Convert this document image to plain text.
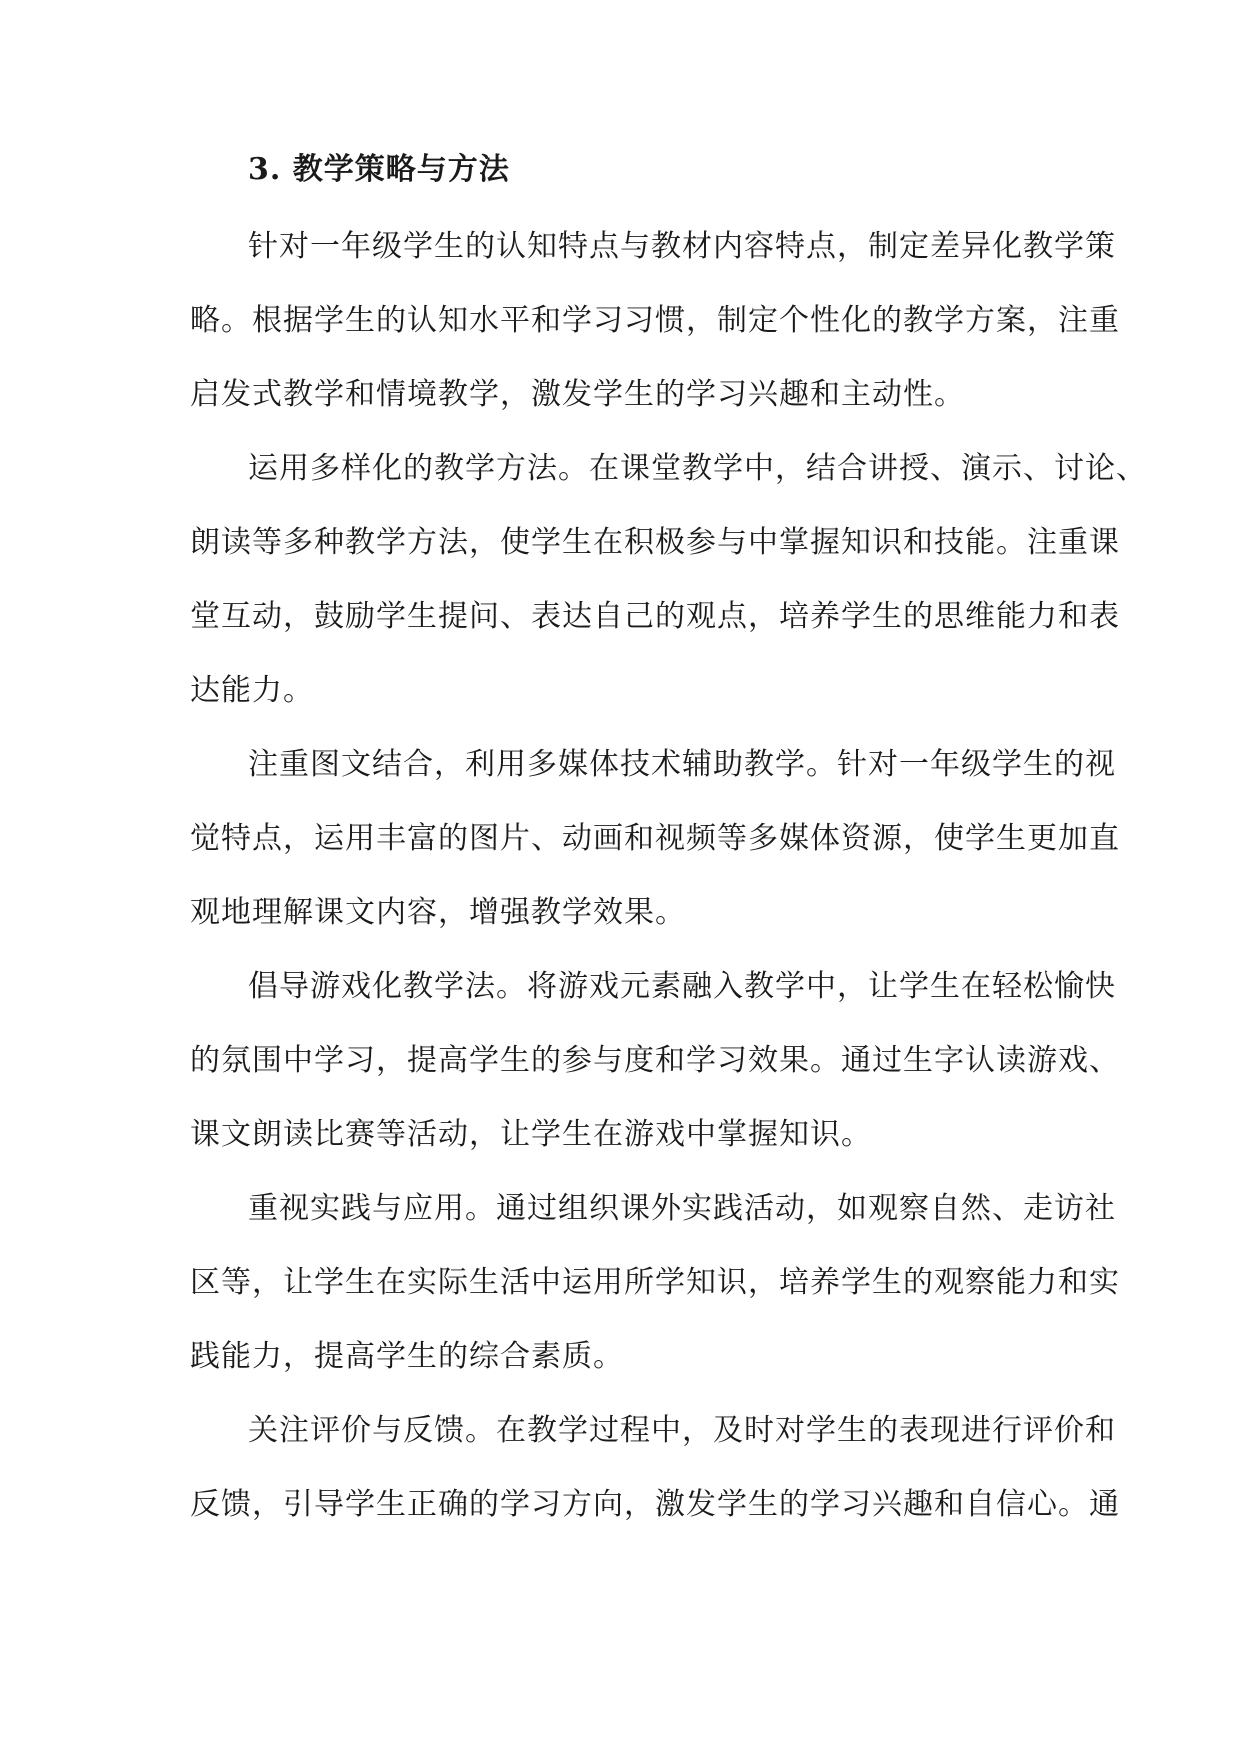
3. 教学策略与方法
针对一年级学生的认知特点与教材内容特点，制定差异化教学策
略。根据学生的认知水平和学习习惯，制定个性化的教学方案，注重
启发式教学和情境教学，激发学生的学习兴趣和主动性。
运用多样化的教学方法。在课堂教学中，结合讲授、演示、讨论、
朗读等多种教学方法，使学生在积极参与中掌握知识和技能。注重课
堂互动，鼓励学生提问、表达自己的观点，培养学生的思维能力和表
达能力。
注重图文结合，利用多媒体技术辅助教学。针对一年级学生的视
觉特点，运用丰富的图片、动画和视频等多媒体资源，使学生更加直
观地理解课文内容，增强教学效果。
倡导游戏化教学法。将游戏元素融入教学中，让学生在轻松愉快
的氛围中学习，提高学生的参与度和学习效果。通过生字认读游戏、
课文朗读比赛等活动，让学生在游戏中掌握知识。
重视实践与应用。通过组织课外实践活动，如观察自然、走访社
区等，让学生在实际生活中运用所学知识，培养学生的观察能力和实
践能力，提高学生的综合素质。
关注评价与反馈。在教学过程中，及时对学生的表现进行评价和
反馈，引导学生正确的学习方向，激发学生的学习兴趣和自信心。通
